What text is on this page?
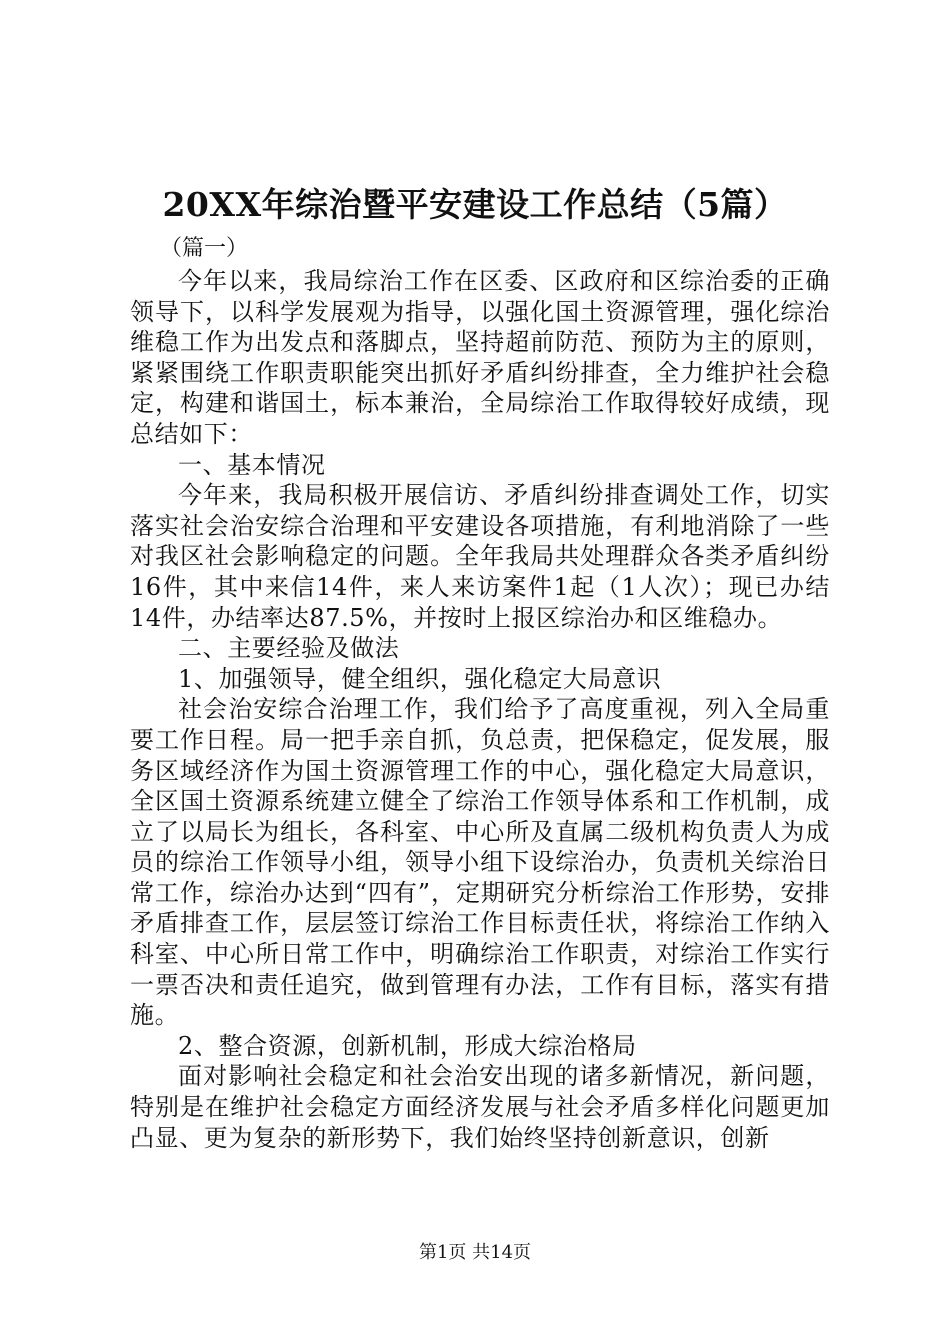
20XX年综治暨平安建设工作总结（5篇）
（篇一）

今年以来，我局综治工作在区委、区政府和区综治委的正确领导下，以科学发展观为指导，以强化国土资源管理，强化综治维稳工作为出发点和落脚点，坚持超前防范、预防为主的原则，紧紧围绕工作职责职能突出抓好矛盾纠纷排查，全力维护社会稳定，构建和谐国土，标本兼治，全局综治工作取得较好成绩，现总结如下：

一、基本情况

今年来，我局积极开展信访、矛盾纠纷排查调处工作，切实落实社会治安综合治理和平安建设各项措施，有利地消除了一些对我区社会影响稳定的问题。全年我局共处理群众各类矛盾纠纷16件，其中来信14件，来人来访案件1起（1人次）；现已办结14件，办结率达87.5%，并按时上报区综治办和区维稳办。

二、主要经验及做法

1、加强领导，健全组织，强化稳定大局意识

社会治安综合治理工作，我们给予了高度重视，列入全局重要工作日程。局一把手亲自抓，负总责，把保稳定，促发展，服务区域经济作为国土资源管理工作的中心，强化稳定大局意识，全区国土资源系统建立健全了综治工作领导体系和工作机制，成立了以局长为组长，各科室、中心所及直属二级机构负责人为成员的综治工作领导小组，领导小组下设综治办，负责机关综治日常工作，综治办达到“四有”，定期研究分析综治工作形势，安排矛盾排查工作，层层签订综治工作目标责任状，将综治工作纳入科室、中心所日常工作中，明确综治工作职责，对综治工作实行一票否决和责任追究，做到管理有办法，工作有目标，落实有措施。

2、整合资源，创新机制，形成大综治格局

面对影响社会稳定和社会治安出现的诸多新情况，新问题，特别是在维护社会稳定方面经济发展与社会矛盾多样化问题更加凸显、更为复杂的新形势下，我们始终坚持创新意识，创新

第1页 共14页
